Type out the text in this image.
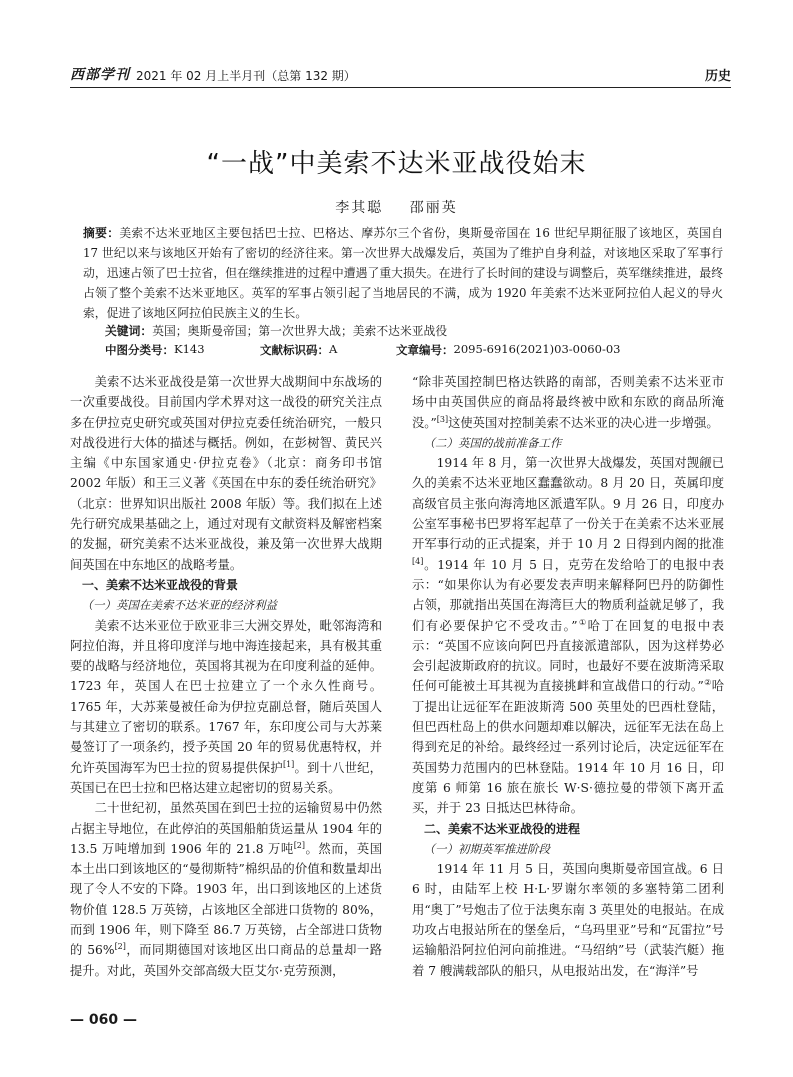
西部学刊 2021 年 02 月上半月刊（总第 132 期）	历史
“一战”中美索不达米亚战役始末
李其聪 邵丽英
摘要：美索不达米亚地区主要包括巴士拉、巴格达、摩苏尔三个省份，奥斯曼帝国在 16 世纪早期征服了该地区，英国自 17 世纪以来与该地区开始有了密切的经济往来。第一次世界大战爆发后，英国为了维护自身利益，对该地区采取了军事行动，迅速占领了巴士拉省，但在继续推进的过程中遭遇了重大损失。在进行了长时间的建设与调整后，英军继续推进，最终占领了整个美索不达米亚地区。英军的军事占领引起了当地居民的不满，成为 1920 年美索不达米亚阿拉伯人起义的导火索，促进了该地区阿拉伯民族主义的生长。
关键词：英国；奥斯曼帝国；第一次世界大战；美索不达米亚战役
中图分类号： K143	文献标识码： A	文章编号： 2095-6916(2021)03-0060-03

美索不达米亚战役是第一次世界大战期间中东战场的一次重要战役。目前国内学术界对这一战役的研究关注点多在伊拉克史研究或英国对伊拉克委任统治研究，一般只对战役进行大体的描述与概括。例如，在彭树智、黄民兴主编《中东国家通史·伊拉克卷》（北京：商务印书馆 2002 年版）和王三义著《英国在中东的委任统治研究》（北京：世界知识出版社 2008 年版）等。我们拟在上述先行研究成果基础之上，通过对现有文献资料及解密档案的发掘，研究美索不达米亚战役，兼及第一次世界大战期间英国在中东地区的战略考量。

一、美索不达米亚战役的背景

（一）英国在美索不达米亚的经济利益

美索不达米亚位于欧亚非三大洲交界处，毗邻海湾和阿拉伯海，并且将印度洋与地中海连接起来，具有极其重要的战略与经济地位，英国将其视为在印度利益的延伸。1723 年，英国人在巴士拉建立了一个永久性商号。1765 年，大苏莱曼被任命为伊拉克副总督，随后英国人与其建立了密切的联系。1767 年，东印度公司与大苏莱曼签订了一项条约，授予英国 20 年的贸易优惠特权，并允许英国海军为巴士拉的贸易提供保护[1]。到十八世纪，英国已在巴士拉和巴格达建立起密切的贸易关系。

二十世纪初，虽然英国在到巴士拉的运输贸易中仍然占据主导地位，在此停泊的英国船舶货运量从 1904 年的 13.5 万吨增加到 1906 年的 21.8 万吨[2]。然而，英国本土出口到该地区的“曼彻斯特”棉织品的价值和数量却出现了令人不安的下降。1903 年，出口到该地区的上述货物价值 128.5 万英镑，占该地区全部进口货物的 80%，而到 1906 年，则下降至 86.7 万英镑，占全部进口货物的 56%[2]，而同期德国对该地区出口商品的总量却一路提升。对此，英国外交部高级大臣艾尔·克劳预测，

“除非英国控制巴格达铁路的南部，否则美索不达米亚市场中由英国供应的商品将最终被中欧和东欧的商品所淹没。”[3]这使英国对控制美索不达米亚的决心进一步增强。

（二）英国的战前准备工作

1914 年 8 月，第一次世界大战爆发，英国对觊觎已久的美索不达米亚地区蠢蠢欲动。8 月 20 日，英属印度高级官员主张向海湾地区派遣军队。9 月 26 日，印度办公室军事秘书巴罗将军起草了一份关于在美索不达米亚展开军事行动的正式提案，并于 10 月 2 日得到内阁的批准[4]。1914 年 10 月 5 日，克劳在发给哈丁的电报中表示：“如果你认为有必要发表声明来解释阿巴丹的防御性占领，那就指出英国在海湾巨大的物质利益就足够了，我们有必要保护它不受攻击。”①哈丁在回复的电报中表示：“英国不应该向阿巴丹直接派遣部队，因为这样势必会引起波斯政府的抗议。同时，也最好不要在波斯湾采取任何可能被土耳其视为直接挑衅和宣战借口的行动。”②哈丁提出让远征军在距波斯湾 500 英里处的巴西杜登陆，但巴西杜岛上的供水问题却难以解决，远征军无法在岛上得到充足的补给。最终经过一系列讨论后，决定远征军在英国势力范围内的巴林登陆。1914 年 10 月 16 日，印度第 6 师第 16 旅在旅长 W·S·德拉曼的带领下离开孟买，并于 23 日抵达巴林待命。

二、美索不达米亚战役的进程

（一）初期英军推进阶段

1914 年 11 月 5 日，英国向奥斯曼帝国宣战。6 日 6 时，由陆军上校 H·L·罗谢尔率领的多塞特第二团利用“奥丁”号炮击了位于法奥东南 3 英里处的电报站。在成功攻占电报站所在的堡垒后，“乌玛里亚”号和“瓦雷拉”号运输船沿阿拉伯河向前推进。“马绍纳”号（武装汽艇）拖着 7 艘满载部队的船只，从电报站出发，在“海洋”号

— 060 —
